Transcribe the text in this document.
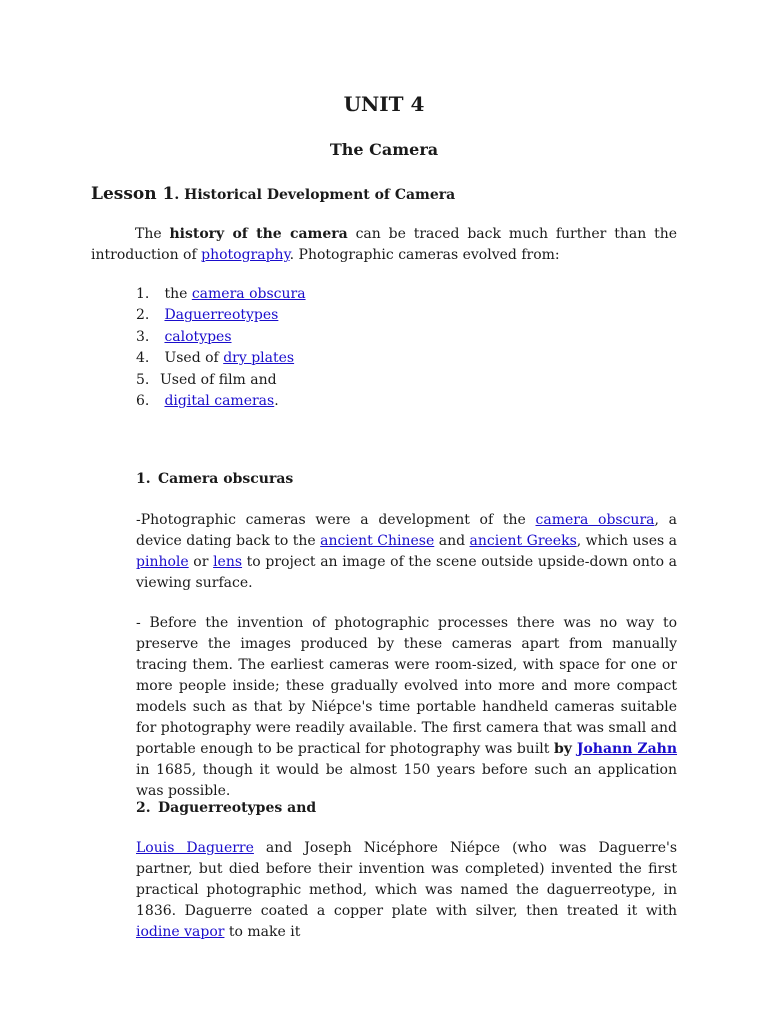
UNIT 4
The Camera
Lesson 1. Historical Development of Camera
The history of the camera can be traced back much further than the introduction of photography. Photographic cameras evolved from:
1. the camera obscura
2. Daguerreotypes
3. calotypes
4. Used of dry plates
5. Used of film and
6. digital cameras.
1. Camera obscuras
-Photographic cameras were a development of the camera obscura, a device dating back to the ancient Chinese and ancient Greeks, which uses a pinhole or lens to project an image of the scene outside upside-down onto a viewing surface.
- Before the invention of photographic processes there was no way to preserve the images produced by these cameras apart from manually tracing them. The earliest cameras were room-sized, with space for one or more people inside; these gradually evolved into more and more compact models such as that by Niépce's time portable handheld cameras suitable for photography were readily available. The first camera that was small and portable enough to be practical for photography was built by Johann Zahn in 1685, though it would be almost 150 years before such an application was possible.
2. Daguerreotypes and
Louis Daguerre and Joseph Nicéphore Niépce (who was Daguerre's partner, but died before their invention was completed) invented the first practical photographic method, which was named the daguerreotype, in 1836. Daguerre coated a copper plate with silver, then treated it with iodine vapor to make it
